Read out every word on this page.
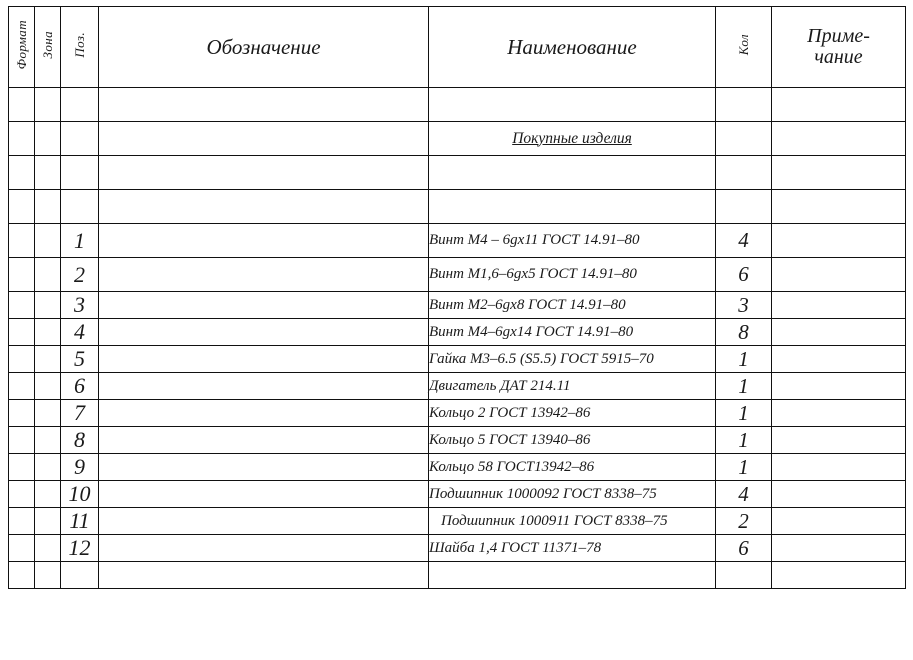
Формат	Зона	Поз.	Обозначение	Наименование	Кол	Приме-
чание

				Покупные изделия		

		1		Винт М4 – 6gх11 ГОСТ 14.91–80	4	
		2		Винт М1,6–6gх5 ГОСТ 14.91–80	6	
		3		Винт М2–6gх8 ГОСТ 14.91–80	3	
		4		Винт М4–6gх14 ГОСТ 14.91–80	8	
		5		Гайка М3–6.5 (S5.5) ГОСТ 5915–70	1	
		6		Двигатель ДАТ 214.11	1	
		7		Кольцо 2 ГОСТ 13942–86	1	
		8		Кольцо 5 ГОСТ 13940–86	1	
		9		Кольцо 58 ГОСТ13942–86	1	
		10		Подшипник 1000092 ГОСТ 8338–75	4	
		11		Подшипник 1000911 ГОСТ 8338–75	2	
		12		Шайба 1,4 ГОСТ 11371–78	6	
